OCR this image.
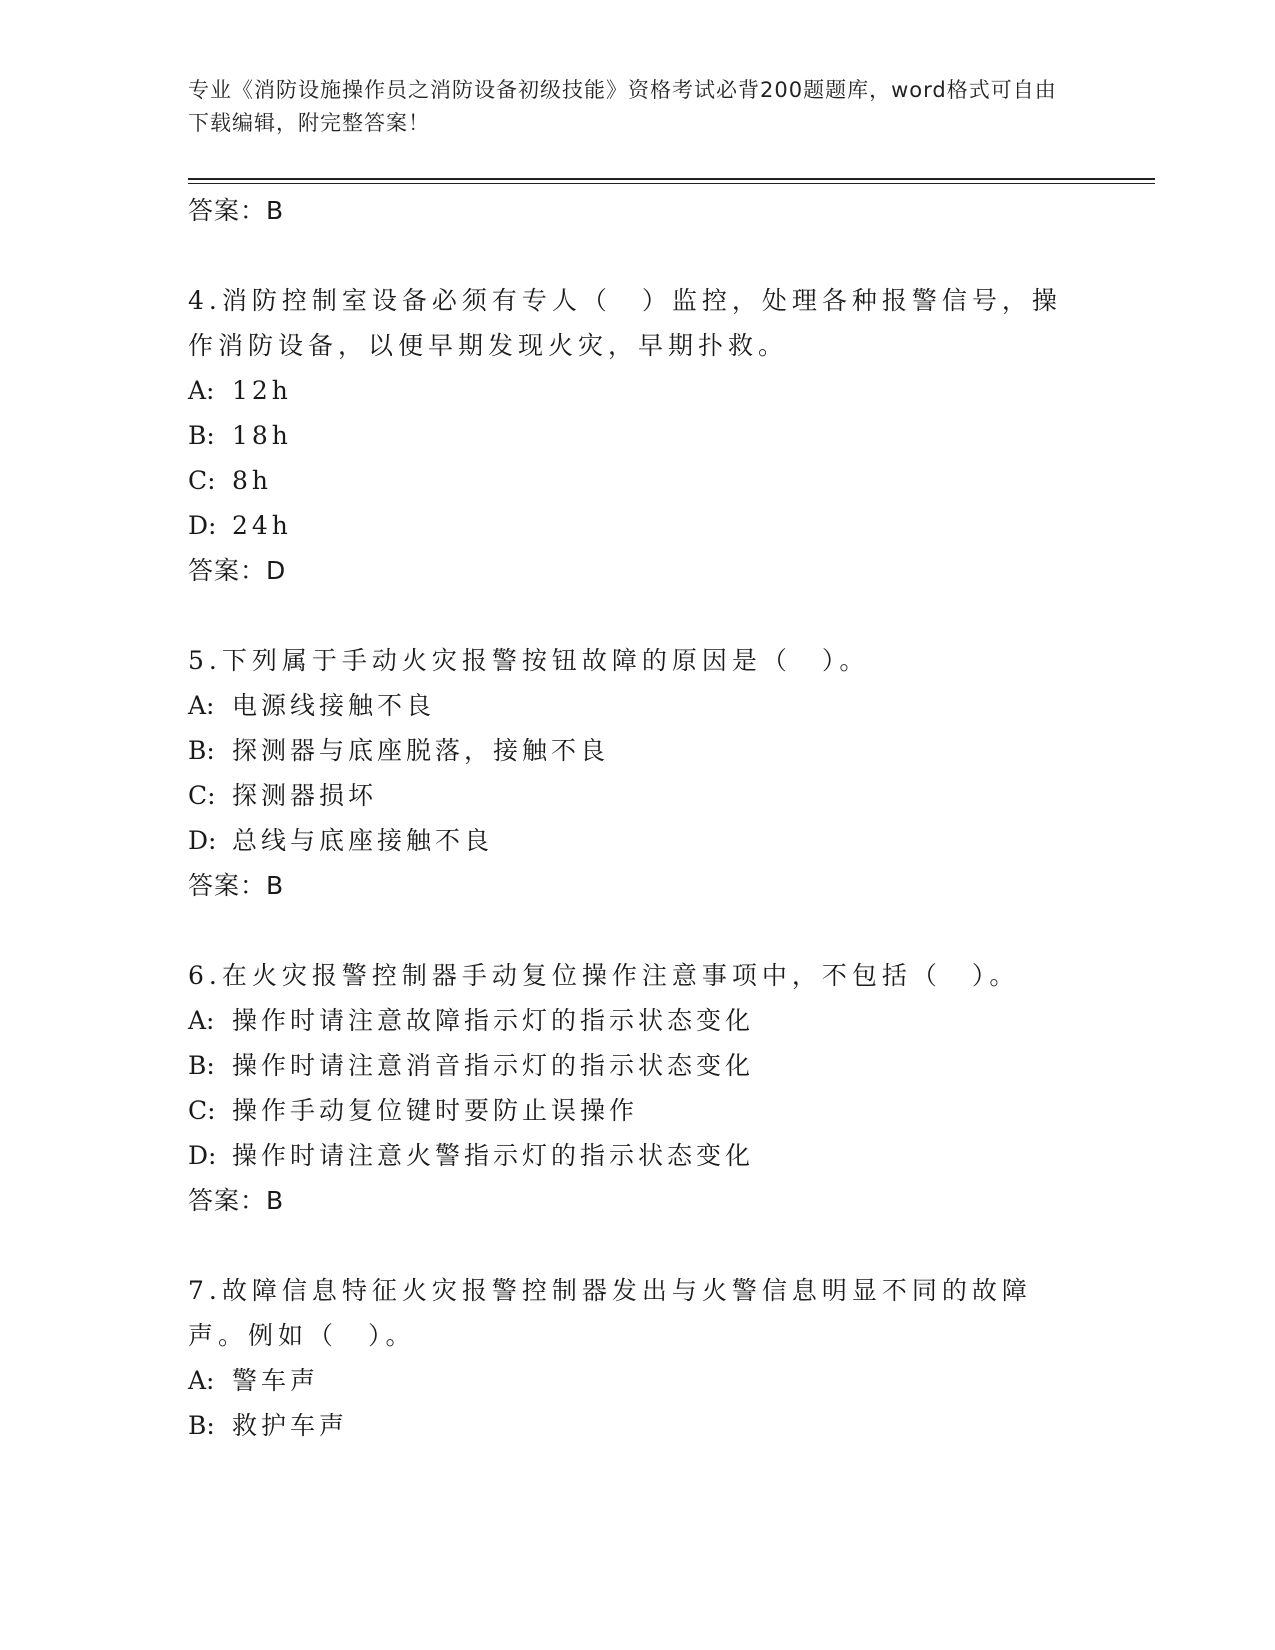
专业《消防设施操作员之消防设备初级技能》资格考试必背200题题库，word格式可自由下载编辑，附完整答案！
答案：B
4.消防控制室设备必须有专人（　）监控，处理各种报警信号，操作消防设备，以便早期发现火灾，早期扑救。
A: 12h
B: 18h
C: 8h
D: 24h
答案：D
5.下列属于手动火灾报警按钮故障的原因是（　）。
A: 电源线接触不良
B: 探测器与底座脱落，接触不良
C: 探测器损坏
D: 总线与底座接触不良
答案：B
6.在火灾报警控制器手动复位操作注意事项中，不包括（　）。
A: 操作时请注意故障指示灯的指示状态变化
B: 操作时请注意消音指示灯的指示状态变化
C: 操作手动复位键时要防止误操作
D: 操作时请注意火警指示灯的指示状态变化
答案：B
7.故障信息特征火灾报警控制器发出与火警信息明显不同的故障声。例如（　）。
A: 警车声
B: 救护车声
